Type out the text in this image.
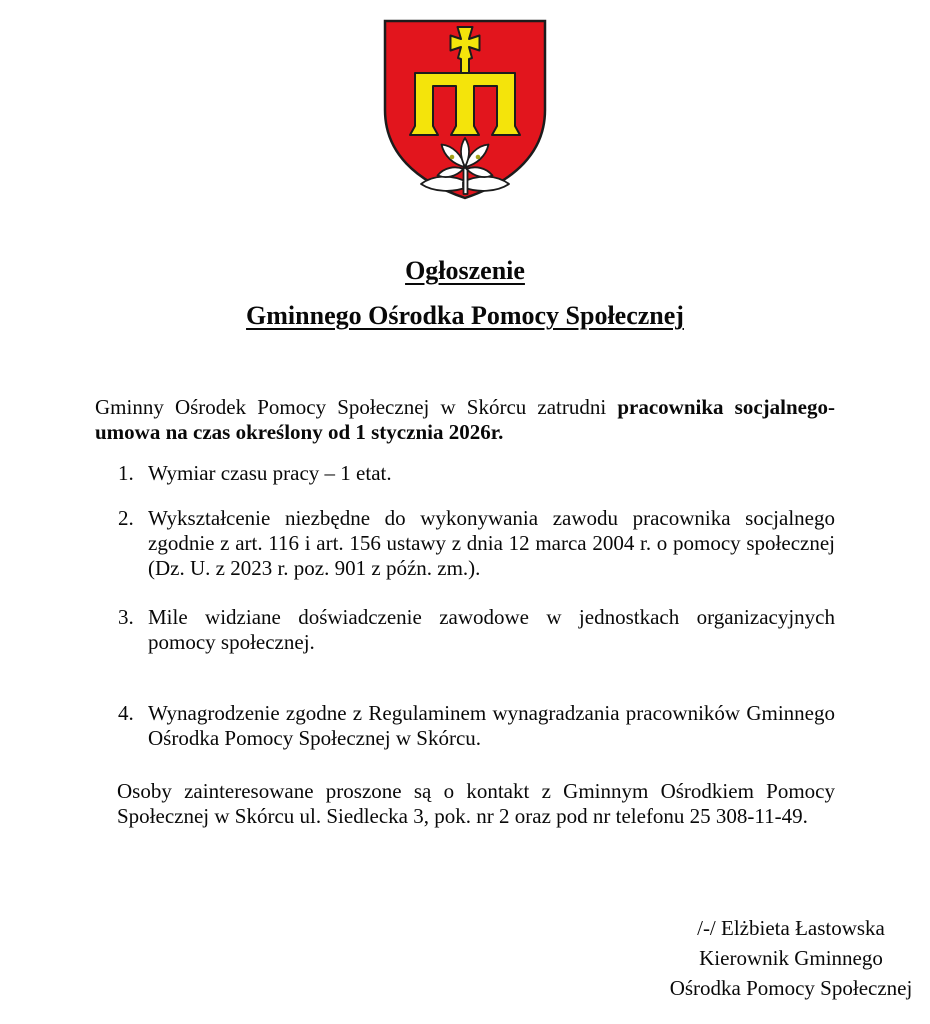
Ogłoszenie
Gminnego Ośrodka Pomocy Społecznej

Gminny Ośrodek Pomocy Społecznej w Skórcu zatrudni pracownika socjalnego- umowa na czas określony od 1 stycznia 2026r.

Wymiar czasu pracy – 1 etat.
Wykształcenie niezbędne do wykonywania zawodu pracownika socjalnego zgodnie z art. 116 i art. 156 ustawy z dnia 12 marca 2004 r. o pomocy społecznej (Dz. U. z 2023 r. poz. 901 z późn. zm.).
Mile widziane doświadczenie zawodowe w jednostkach organizacyjnych pomocy społecznej.
Wynagrodzenie zgodne z Regulaminem wynagradzania pracowników Gminnego Ośrodka Pomocy Społecznej w Skórcu.

Osoby zainteresowane proszone są o kontakt z Gminnym Ośrodkiem Pomocy Społecznej w Skórcu ul. Siedlecka 3, pok. nr 2 oraz pod nr telefonu 25 308-11-49.

/-/ Elżbieta Łastowska
Kierownik Gminnego
Ośrodka Pomocy Społecznej
